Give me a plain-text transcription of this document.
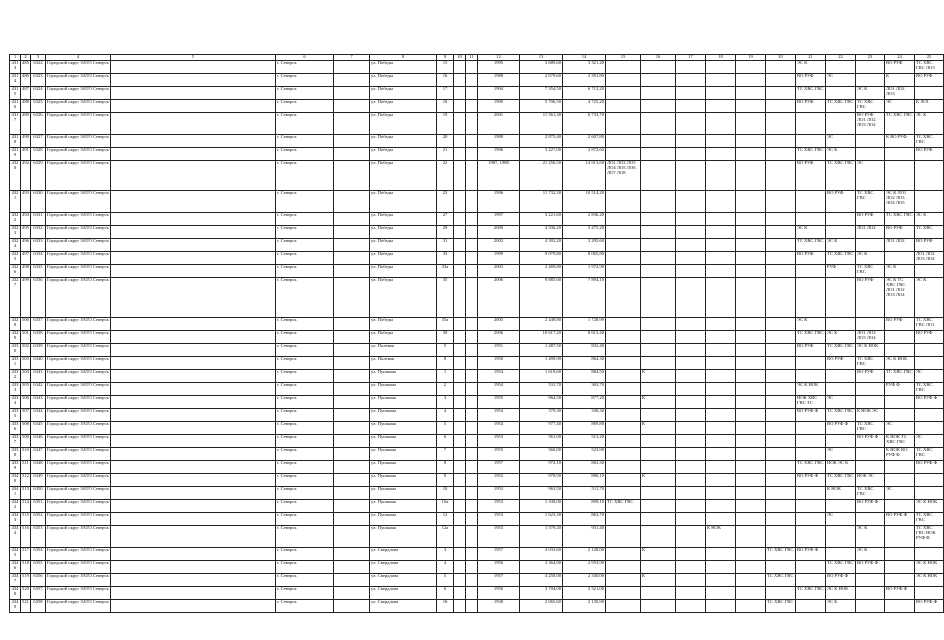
1	2	3	4	5	6	7	8	9	10	11	12	13	14	15	16	17	18	19	20	21	22	23	24	25	
4313	485	6322	Городской округ ЗАТО Северск		г. Северск		ул. Победы	15			1995	3 689,60	3 321,20							ЭС К			ВО РУФ	ТС ХВС ГВС ЛОЗ	
4314	486	6323	Городской округ ЗАТО Северск		г. Северск		ул. Победы	16			1988	2 679,60	2 391,80							ВО РУФ	ЭС		К	ВО РУФ	
4315	487	6324	Городской округ ЗАТО Северск		г. Северск		ул. Победы	17			1994	7 354,50	6 713,20							ТС ХВС ГВС		ЭС К	ЛО1 ЛО2 ЛО3		
4316	488	6325	Городской округ ЗАТО Северск		г. Северск		ул. Победы	18			1990	5 706,50	4 725,20							ВО РУФ	ТС ХВС ГВС	ТС ХВС ГВС	ЭС	К ЛО1	
4317	489	6326	Городской округ ЗАТО Северск		г. Северск		ул. Победы	19			2001	11 561,30	6 733,70									ВО РУФ ЛО1 ЛО2 ЛО3 ЛО4	ТС ХВС ГВС	ЭС К	
4318	490	6327	Городской округ ЗАТО Северск		г. Северск		ул. Победы	20			1988	2 875,40	2 607,80								ЭС		К ВО РУФ	ТС ХВС ГВС	
4319	491	6328	Городской округ ЗАТО Северск		г. Северск		ул. Победы	21			1996	3 227,00	2 872,60							ТС ХВС ГВС	ЭС К			ВО РУФ	
4320	492	6329	Городской округ ЗАТО Северск		г. Северск		ул. Победы	22			1987, 1988	21 250,50	14 913,60	ЛО1 ЛО2 ЛО3 ЛО4 ЛО5 ЛО6 ЛО7 ЛО8						ВО РУФ	ТС ХВС ГВС	ЭС			
4321	493	6330	Городской округ ЗАТО Северск		г. Северск		ул. Победы	23			1996	11 732,30	10 514,20								ВО РУФ	ТС ХВС ГВС	ЭС К ЛО1 ЛО2 ЛО3 ЛО4 ЛО5		
4322	494	6331	Городской округ ЗАТО Северск		г. Северск		ул. Победы	27			1997	3 221,60	2 836,20									ВО РУФ	ТС ХВС ГВС	ЭС К	
4323	495	6332	Городской округ ЗАТО Северск		г. Северск		ул. Победы	29			2000	4 336,20	3 475,20							ЭС К		ЛО1 ЛО2	ВО РУФ	ТС ХВС	
4324	496	6333	Городской округ ЗАТО Северск		г. Северск		ул. Победы	31			2002	4 392,20	3 295,60							ТС ХВС ГВС	ЭС К		ЛО1 ЛО2	ВО РУФ	
4325	497	6334	Городской округ ЗАТО Северск		г. Северск		ул. Победы	33			1999	9 079,80	8 065,80							ВО РУФ	ТС ХВС ГВС	ЭС К		ЛО1 ЛО2 ЛО3 ЛО4	
4326	498	6335	Городской округ ЗАТО Северск		г. Северск		ул. Победы	33а			2003	2 469,80	1 972,90								РУФ	ТС ХВС ГВС	ЭС К		
4327	499	6336	Городской округ ЗАТО Северск		г. Северск		ул. Победы	35			2006	9 885,60	7 894,10									ВО РУФ	ЭС К ТС ХВС ГВС ЛО1 ЛО2 ЛО3 ЛО4	ЭС К	
4328	500	6337	Городской округ ЗАТО Северск		г. Северск		ул. Победы	35а			2005	2 449,80	1 728,99							ЭС К			ВО РУФ	ТС ХВС ГВС ЛО1	
4329	501	6338	Городской округ ЗАТО Северск		г. Северск		ул. Победы	39			2006	10 617,20	8 615,40							ТС ХВС ГВС	ЭС К	ЛО1 ЛО2 ЛО3 ЛО4		ВО РУФ	
4330	502	6339	Городской округ ЗАТО Северск		г. Северск		ул. Полевая	5			1951	1 487,50	832,40							ВО РУФ	ТС ХВС ГВС	ЭС К НОК			
4331	503	6340	Городской округ ЗАТО Северск		г. Северск		ул. Полевая	8			1950	1 499,90	864,30								ВО РУФ	ТС ХВС ГВС	ЭС К НОК		
4332	504	6341	Городской округ ЗАТО Северск		г. Северск		ул. Пушкина	1			1954	1 619,60	884,50		К							ВО РУФ	ТС ХВС ГВС	ЭС	
4333	505	6342	Городской округ ЗАТО Северск		г. Северск		ул. Пушкина	2			1954	531,70	363,70							ЭС К НОК			РУФ Ф	ТС ХВС ГВС	
4334	506	6343	Городской округ ЗАТО Северск		г. Северск		ул. Пушкина	3			1955	964,50	877,20		К					НОК ХВС ГВС ТС	ЭС			ВО РУФ Ф	
4335	507	6344	Городской округ ЗАТО Северск		г. Северск		ул. Пушкина	4			1954	379,30	330,30							ВО РУФ Ф	ТС ХВС ГВС	К НОК ЭС			
4336	508	6345	Городской округ ЗАТО Северск		г. Северск		ул. Пушкина	5			1954	977,40	869,80		К						ВО РУФ Ф	ТС ХВС ГВС	ЭС		
4337	509	6346	Городской округ ЗАТО Северск		г. Северск		ул. Пушкина	6			1953	561,00	513,20									ВО РУФ Ф	К НОК ТС ХВС ГВС	ЭС	
4338	510	6347	Городской округ ЗАТО Северск		г. Северск		ул. Пушкина	7			1955	560,00	523,90								ЭС		К НОК ВО РУФ Ф	ТС ХВС ГВС	
4339	511	6348	Городской округ ЗАТО Северск		г. Северск		ул. Пушкина	8			1957	972,10	863,30							ТС ХВС ГВС	НОК ЭС К			ВО РУФ Ф	
4340	512	6349	Городской округ ЗАТО Северск		г. Северск		ул. Пушкина	9			1952	978,90	880,10		К					ВО РУФ Ф	ТС ХВС ГВС	НОК ЭС			
4341	513	6350	Городской округ ЗАТО Северск		г. Северск		ул. Пушкина	10			1953	963,50	511,70								К НОК	ТС ХВС ГВС	ЭС		
4342	514	6351	Городской округ ЗАТО Северск		г. Северск		ул. Пушкина	10а			1953	1 338,00	899,10	ТС ХВС ГВС								ВО РУФ Ф		ЭС К НОК	
4343	515	6352	Городской округ ЗАТО Северск		г. Северск		ул. Пушкина	12			1953	1 623,30	863,70								ЭС		ВО РУФ Ф	ТС ХВС ГВС	
4344	516	6353	Городской округ ЗАТО Северск		г. Северск		ул. Пушкина	12а			1953	1 579,20	931,40				К НОК					ЭС К		ТС ХВС ГВС НОК РУФ Ф	
4345	517	6354	Городской округ ЗАТО Северск		г. Северск		ул. Свердлова	3			1957	4 033,60	2 128,00		К				ТС ХВС ГВС	ВО РУФ Ф		ЭС К			
4346	518	6355	Городской округ ЗАТО Северск		г. Северск		ул. Свердлова	4			1956	3 364,90	2 953,90								ТС ХВС ГВС	ВО РУФ Ф		ЭС К НОК	
4347	519	6356	Городской округ ЗАТО Северск		г. Северск		ул. Свердлова	5			1957	4 250,00	2 330,00		К				ТС ХВС ГВС		ВО РУФ Ф			ЭС К НОК	
4348	520	6357	Городской округ ЗАТО Северск		г. Северск		ул. Свердлова	6			1956	3 704,00	3 321,00							ТС ХВС ГВС	ЭС К НОК		ВО РУФ Ф		
4349	521	6358	Городской округ ЗАТО Северск		г. Северск		ул. Свердлова	16			1938	2 065,60	2 130,90						ТС ХВС ГВС		ЭС К			ВО РУФ Ф	
